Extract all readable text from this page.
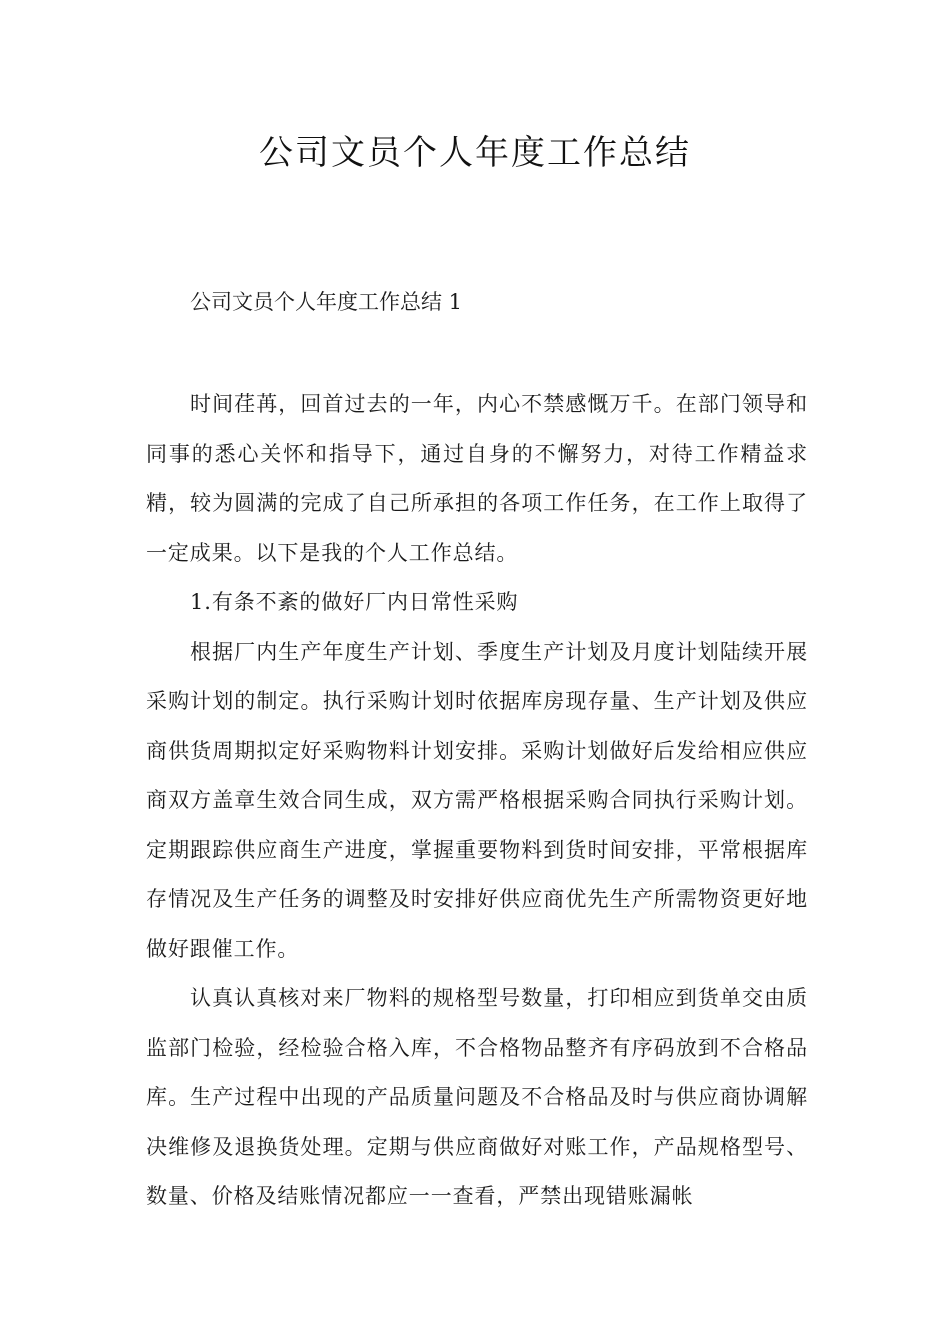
公司文员个人年度工作总结

公司文员个人年度工作总结 1

时间荏苒，回首过去的一年，内心不禁感慨万千。在部门领导和同事的悉心关怀和指导下，通过自身的不懈努力，对待工作精益求精，较为圆满的完成了自己所承担的各项工作任务，在工作上取得了一定成果。以下是我的个人工作总结。

1.有条不紊的做好厂内日常性采购

根据厂内生产年度生产计划、季度生产计划及月度计划陆续开展采购计划的制定。执行采购计划时依据库房现存量、生产计划及供应商供货周期拟定好采购物料计划安排。采购计划做好后发给相应供应商双方盖章生效合同生成，双方需严格根据采购合同执行采购计划。定期跟踪供应商生产进度，掌握重要物料到货时间安排，平常根据库存情况及生产任务的调整及时安排好供应商优先生产所需物资更好地做好跟催工作。

认真认真核对来厂物料的规格型号数量，打印相应到货单交由质监部门检验，经检验合格入库，不合格物品整齐有序码放到不合格品库。生产过程中出现的产品质量问题及不合格品及时与供应商协调解决维修及退换货处理。定期与供应商做好对账工作，产品规格型号、数量、价格及结账情况都应一一查看，严禁出现错账漏帐
